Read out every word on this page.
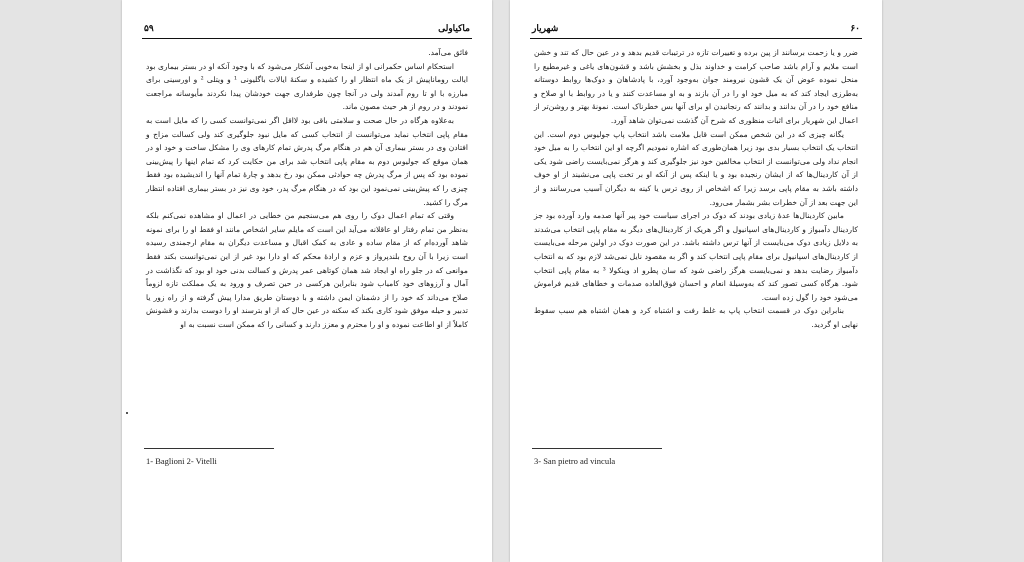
۵۹	ماکیاولی

فائق می‌آمد.

استحکام اساس حکمرانی او از اینجا به‌خوبی آشکار می‌شود که با وجود آنکه او در بستر بیماری بود ایالت روماناپیش از یک ماه انتظار او را کشیده و سکنهٔ ایالات باگلیونی ¹ و ویتلی ² و اورسینی برای مبارزه با او تا روم آمدند ولی در آنجا چون طرفداری جهت خودشان پیدا نکردند مأیوسانه مراجعت نمودند و در روم از هر حیث مصون ماند.

به‌علاوه هرگاه در حال صحت و سلامتی باقی بود لااقل اگر نمی‌توانست کسی را که مایل است به مقام پاپی انتخاب نماید می‌توانست از انتخاب کسی که مایل نبود جلوگیری کند ولی کسالت مزاج و افتادن وی در بستر بیماری آن هم در هنگام مرگ پدرش تمام کارهای وی را مشکل ساخت و خود او در همان موقع که جولیوس دوم به مقام پاپی انتخاب شد برای من حکایت کرد که تمام اینها را پیش‌بینی نموده بود که پس از مرگ پدرش چه حوادثی ممکن بود رخ بدهد و چارهٔ تمام آنها را اندیشیده بود فقط چیزی را که پیش‌بینی نمی‌نمود این بود که در هنگام مرگ پدر، خود وی نیز در بستر بیماری افتاده انتظار مرگ را کشید.

وقتی که تمام اعمال دوک را روی هم می‌سنجیم من خطایی در اعمال او مشاهده نمی‌کنم بلکه به‌نظر من تمام رفتار او عاقلانه می‌آید این است که مایلم سایر اشخاص مانند او فقط او را برای نمونه شاهد آورده‌ام که از مقام ساده و عادی به کمک اقبال و مساعدت دیگران به مقام ارجمندی رسیده است زیرا با آن روح بلندپرواز و عزم و ارادهٔ محکم که او دارا بود غیر از این نمی‌توانست بکند فقط موانعی که در جلو راه او ایجاد شد همان کوتاهی عمر پدرش و کسالت بدنی خود او بود که نگذاشت در آمال و آرزوهای خود کامیاب شود بنابراین هرکسی در حین تصرف و ورود به یک مملکت تازه لزوماً صلاح می‌داند که خود را از دشمنان ایمن داشته و با دوستان طریق مدارا پیش گرفته و از راه زور یا تدبیر و حیله موفق شود کاری بکند که سکنه در عین حال که از او بترسند او را دوست بدارند و قشونش کاملاً از او اطاعت نموده و او را محترم و معزز دارند و کسانی را که ممکن است نسبت به او

1- Baglioni 2- Vitelli
۶۰
شهریار

ضرر و یا زحمت برسانند از پین برده و تغییرات تازه در ترتیبات قدیم بدهد و در عین حال که تند و خشن است ملایم و آرام باشد صاحب کرامت و خداوند بذل و بخشش باشد و قشون‌های یاغی و غیرمطیع را منحل نموده عوض آن یک قشون نیرومند جوان به‌وجود آورد، با پادشاهان و دوک‌ها روابط دوستانه به‌طرزی ایجاد کند که به میل خود او را در آن بازند و به او مساعدت کنند و یا در روابط با او صلاح و منافع خود را در آن بدانند و بدانند که رنجانیدن او برای آنها بس خطرناک است. نمونهٔ بهتر و روشن‌تر از اعمال این شهریار برای اثبات منظوری که شرح آن گذشت نمی‌توان شاهد آورد.

یگانه چیزی که در این شخص ممکن است قابل ملامت باشد انتخاب پاپ جولیوس دوم است. این انتخاب یک انتخاب بسیار بدی بود زیرا همان‌طوری که اشاره نمودیم اگرچه او این انتخاب را به میل خود انجام نداد ولی می‌توانست از انتخاب مخالفین خود نیز جلوگیری کند و هرگز نمی‌بایست راضی شود یکی از آن کاردینال‌ها که از ایشان رنجیده بود و یا اینکه پس از آنکه او بر تخت پاپی می‌نشیند از او خوف داشته باشد به مقام پاپی برسد زیرا که اشخاص از روی ترس یا کینه به دیگران آسیب می‌رسانند و از این جهت بعد از آن خطرات بشر بشمار می‌رود.

مابین کاردینال‌ها عدهٔ زیادی بودند که دوک در اجرای سیاست خود پیر آنها صدمه وارد آورده بود جز کاردینال دآمبواز و کاردینال‌های اسپانیول و اگر هریک از کاردینال‌های دیگر به مقام پاپی انتخاب می‌شدند به دلایل زیادی دوک می‌بایست از آنها ترس داشته باشد. در این صورت دوک در اولین مرحله می‌بایست از کاردینال‌های اسپانیول برای مقام پاپی انتخاب کند و اگر به مقصود نایل نمی‌شد لازم بود که به انتخاب دآمبواز رضایت بدهد و نمی‌بایست هرگز راضی شود که سان پطرو اد وینکولا ³ به مقام پاپی انتخاب شود. هرگاه کسی تصور کند که به‌وسیلهٔ انعام و احسان فوق‌العاده صدمات و خطاهای قدیم فراموش می‌شود خود را گول زده است.

بنابراین دوک در قسمت انتخاب پاپ به غلط رفت و اشتباه کرد و همان اشتباه هم سبب سقوط نهایی او گردید.

3- San pietro ad vincula
